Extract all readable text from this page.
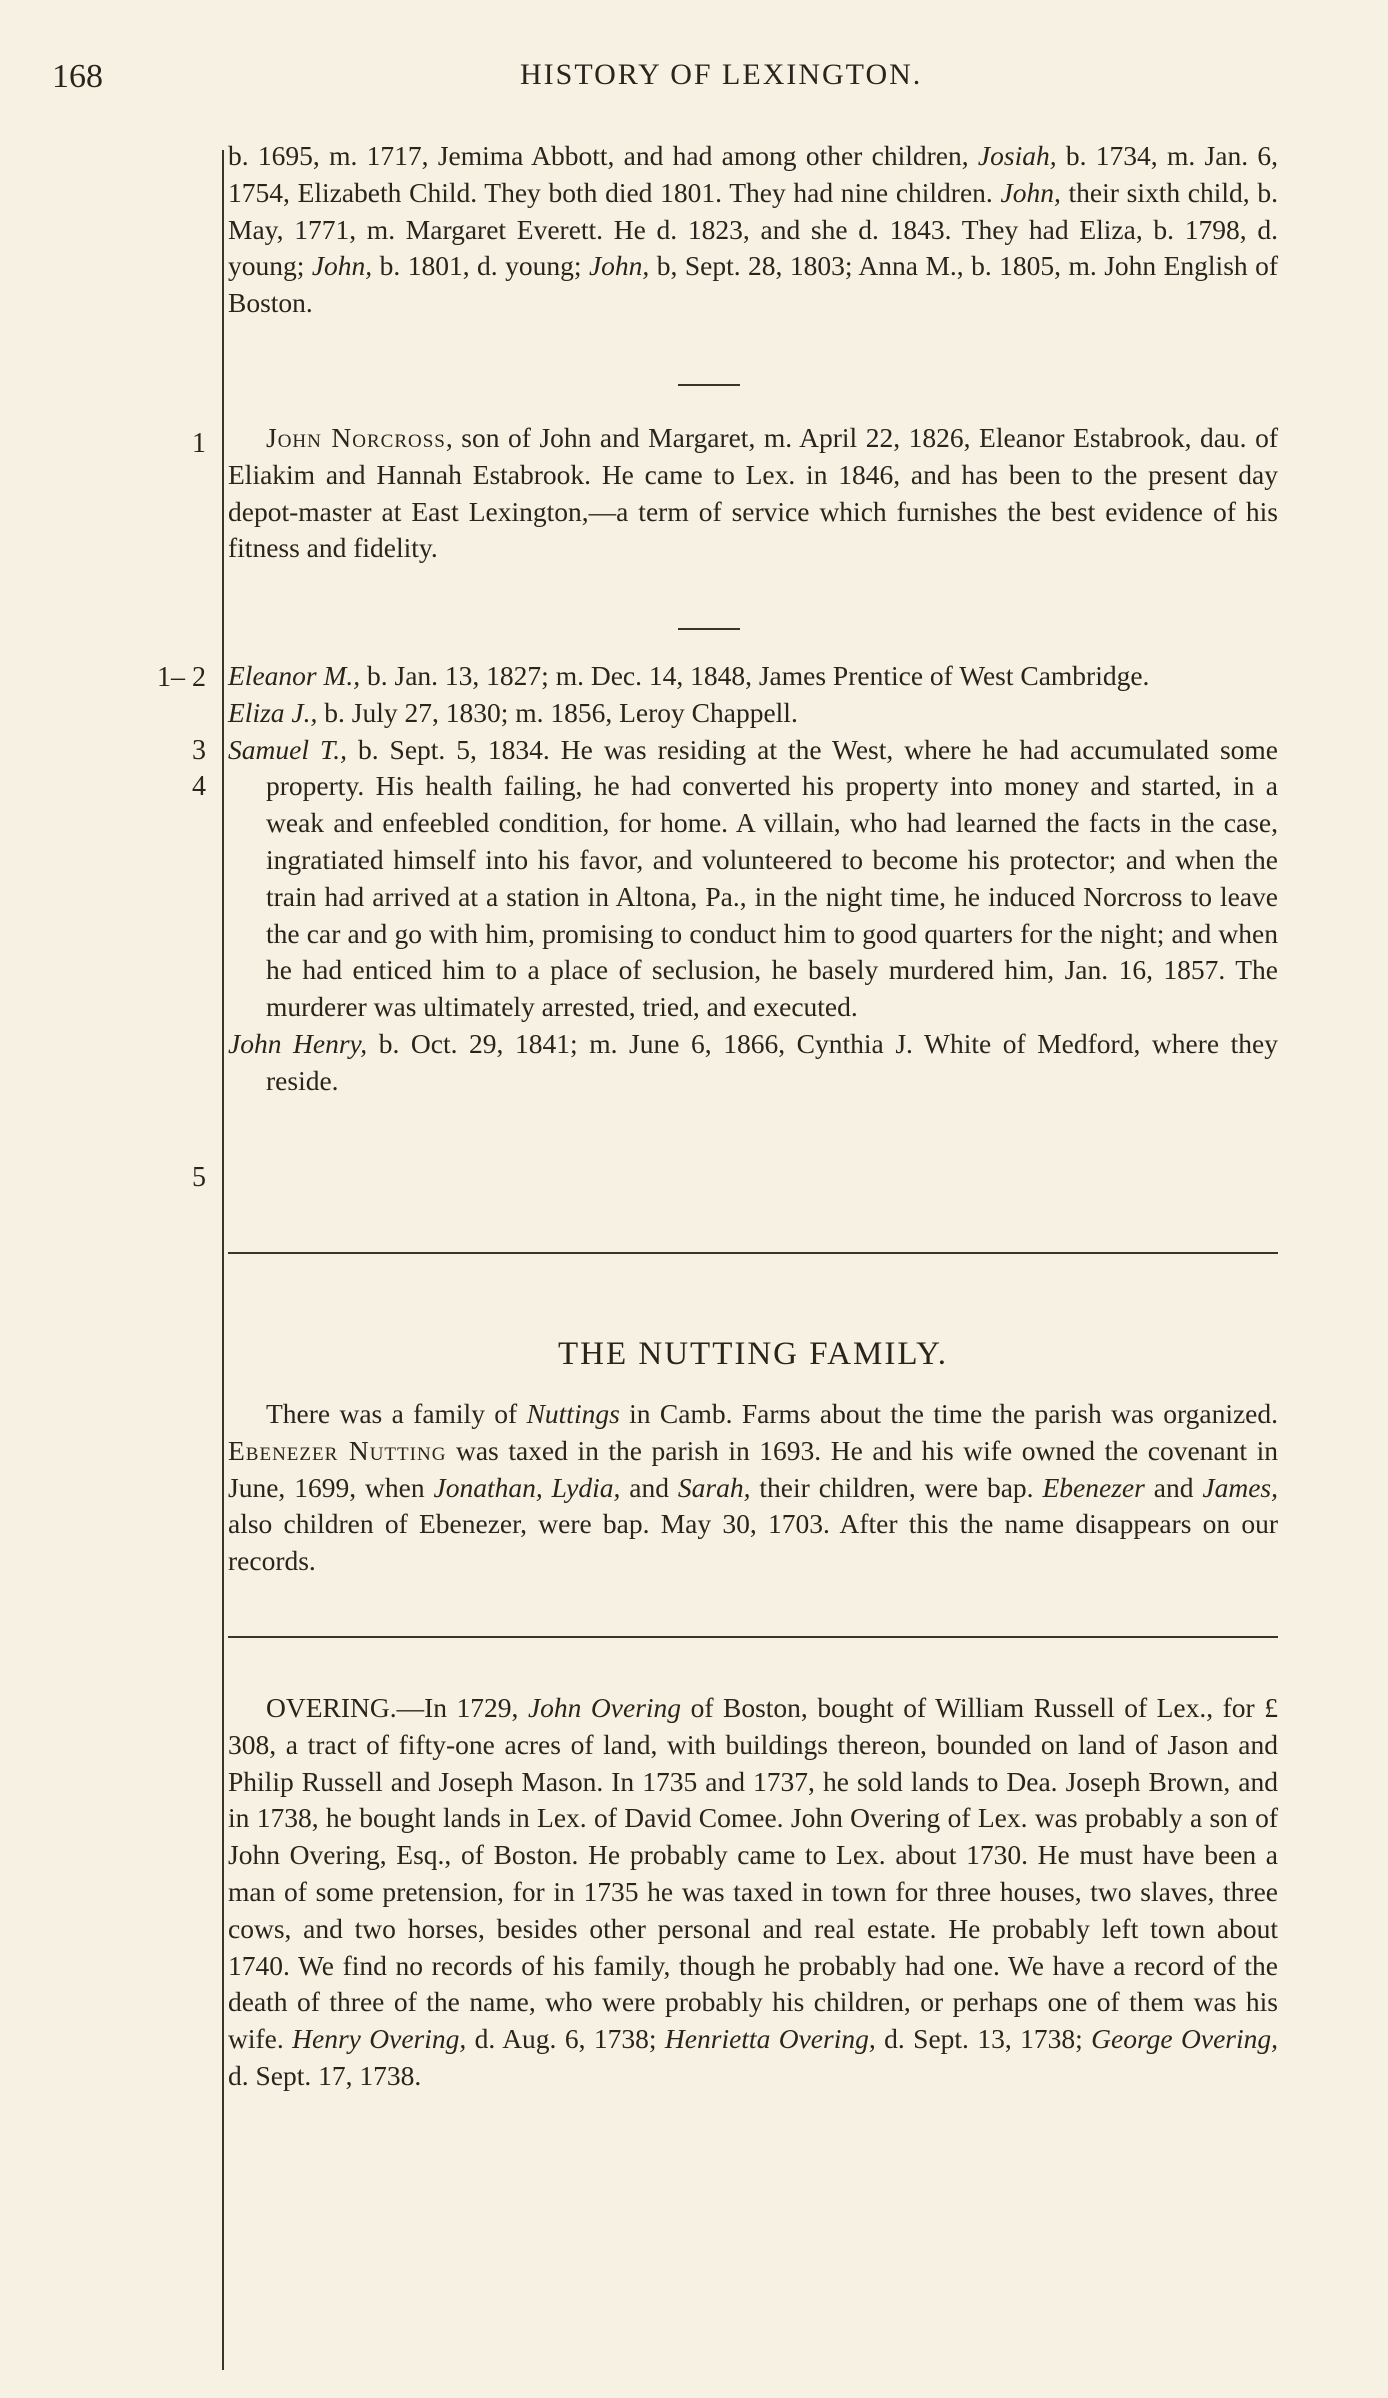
168	HISTORY OF LEXINGTON.
1
1– 2
3
4
5

b. 1695, m. 1717, Jemima Abbott, and had among other children, Josiah, b. 1734, m. Jan. 6, 1754, Elizabeth Child. They both died 1801. They had nine children. John, their sixth child, b. May, 1771, m. Margaret Everett. He d. 1823, and she d. 1843. They had Eliza, b. 1798, d. young; John, b. 1801, d. young; John, b, Sept. 28, 1803; Anna M., b. 1805, m. John English of Boston.

John Norcross, son of John and Margaret, m. April 22, 1826, Eleanor Estabrook, dau. of Eliakim and Hannah Estabrook. He came to Lex. in 1846, and has been to the present day depot-master at East Lexington,—a term of service which furnishes the best evidence of his fitness and fidelity.

Eleanor M., b. Jan. 13, 1827; m. Dec. 14, 1848, James Prentice of West Cambridge.

Eliza J., b. July 27, 1830; m. 1856, Leroy Chappell.

Samuel T., b. Sept. 5, 1834. He was residing at the West, where he had accumulated some property. His health failing, he had converted his property into money and started, in a weak and enfeebled condition, for home. A villain, who had learned the facts in the case, ingratiated himself into his favor, and volunteered to become his protector; and when the train had arrived at a station in Altona, Pa., in the night time, he induced Norcross to leave the car and go with him, promising to conduct him to good quarters for the night; and when he had enticed him to a place of seclusion, he basely murdered him, Jan. 16, 1857. The murderer was ultimately arrested, tried, and executed.

John Henry, b. Oct. 29, 1841; m. June 6, 1866, Cynthia J. White of Medford, where they reside.

THE NUTTING FAMILY.

There was a family of Nuttings in Camb. Farms about the time the parish was organized. Ebenezer Nutting was taxed in the parish in 1693. He and his wife owned the covenant in June, 1699, when Jonathan, Lydia, and Sarah, their children, were bap. Ebenezer and James, also children of Ebenezer, were bap. May 30, 1703. After this the name disappears on our records.

OVERING.—In 1729, John Overing of Boston, bought of William Russell of Lex., for £ 308, a tract of fifty-one acres of land, with buildings thereon, bounded on land of Jason and Philip Russell and Joseph Mason. In 1735 and 1737, he sold lands to Dea. Joseph Brown, and in 1738, he bought lands in Lex. of David Comee. John Overing of Lex. was probably a son of John Overing, Esq., of Boston. He probably came to Lex. about 1730. He must have been a man of some pretension, for in 1735 he was taxed in town for three houses, two slaves, three cows, and two horses, besides other personal and real estate. He probably left town about 1740. We find no records of his family, though he probably had one. We have a record of the death of three of the name, who were probably his children, or perhaps one of them was his wife. Henry Overing, d. Aug. 6, 1738; Henrietta Overing, d. Sept. 13, 1738; George Overing, d. Sept. 17, 1738.
